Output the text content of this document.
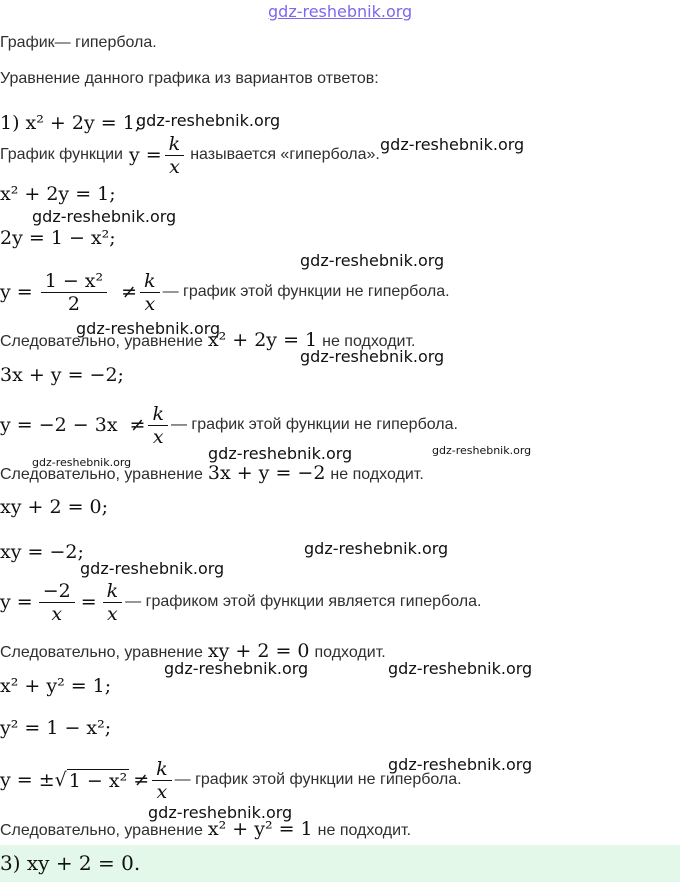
gdz-reshebnik.org
График— гипербола.
Уравнение данного графика из вариантов ответов:
1) x² + 2y = 1;
gdz-reshebnik.org
График функции $y = \frac{k}{x}$ называется «гипербола».
gdz-reshebnik.org
x² + 2y = 1;
gdz-reshebnik.org
2y = 1 − x²;
gdz-reshebnik.org
$y = \frac{\text{1 − x²}}{2} \ne \frac{k}{x}$ — график этой функции не гипербола.
gdz-reshebnik.org
Следовательно, уравнение x² + 2y = 1 не подходит.
gdz-reshebnik.org
3x + y = −2;
$y = -2 - 3x \ne \frac{k}{x}$ — график этой функции не гипербола.
gdz-reshebnik.org	gdz-reshebnik.org
gdz-reshebnik.org
Следовательно, уравнение 3x + y = −2 не подходит.
xy + 2 = 0;
xy = −2;	gdz-reshebnik.org
gdz-reshebnik.org
$y = \frac{-2}{x} = \frac{k}{x}$ — графиком этой функции является гипербола.
Следовательно, уравнение xy + 2 = 0 подходит.
gdz-reshebnik.org	gdz-reshebnik.org
x² + y² = 1;
y² = 1 − x²;
gdz-reshebnik.org
y = ± √ $1 - x^2 \ne \frac{k}{x}$ — график этой функции не гипербола.
gdz-reshebnik.org
Следовательно, уравнение x² + y² = 1 не подходит.
3) xy + 2 = 0.
